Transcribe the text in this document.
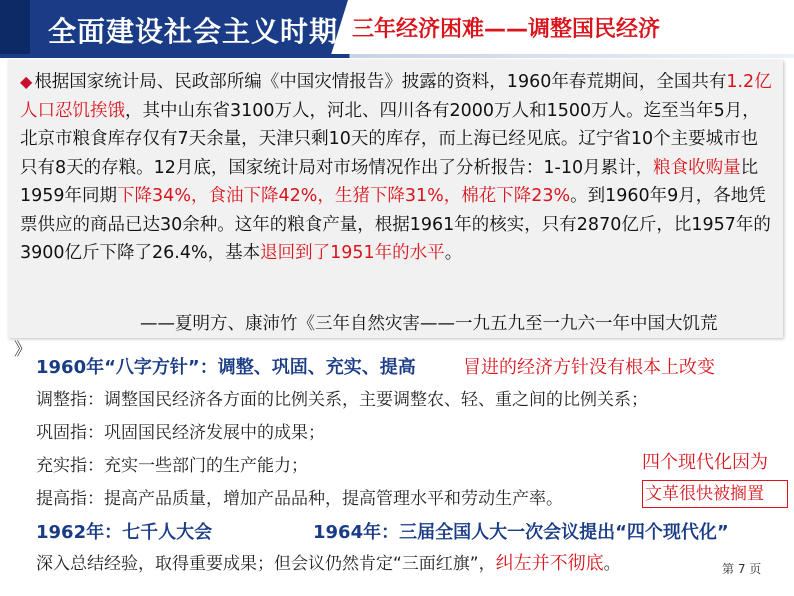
全面建设社会主义时期 三年经济困难——调整国民经济
◆ 根据国家统计局、民政部所编《中国灾情报告》披露的资料，1960年春荒期间，全国共有1.2亿人口忍饥挨饿，其中山东省3100万人，河北、四川各有2000万人和1500万人。迄至当年5月，北京市粮食库存仅有7天余量，天津只剩10天的库存，而上海已经见底。辽宁省10个主要城市也只有8天的存粮。12月底，国家统计局对市场情况作出了分析报告：1-10月累计，粮食收购量比1959年同期下降34%，食油下降42%，生猪下降31%，棉花下降23%。到1960年9月，各地凭票供应的商品已达30余种。这年的粮食产量，根据1961年的核实，只有2870亿斤，比1957年的3900亿斤下降了26.4%，基本退回到了1951年的水平。
——夏明方、康沛竹《三年自然灾害——一九五九至一九六一年中国大饥荒
》
1960年“八字方针”：调整、巩固、充实、提高	冒进的经济方针没有根本上改变
调整指：调整国民经济各方面的比例关系，主要调整农、轻、重之间的比例关系；
巩固指：巩固国民经济发展中的成果；
充实指：充实一些部门的生产能力；
提高指：提高产品质量，增加产品品种，提高管理水平和劳动生产率。
四个现代化因为
文革很快被搁置
1962年：七千人大会	1964年：三届全国人大一次会议提出“四个现代化”
深入总结经验，取得重要成果；但会议仍然肯定“三面红旗”，纠左并不彻底。	第 7 页
